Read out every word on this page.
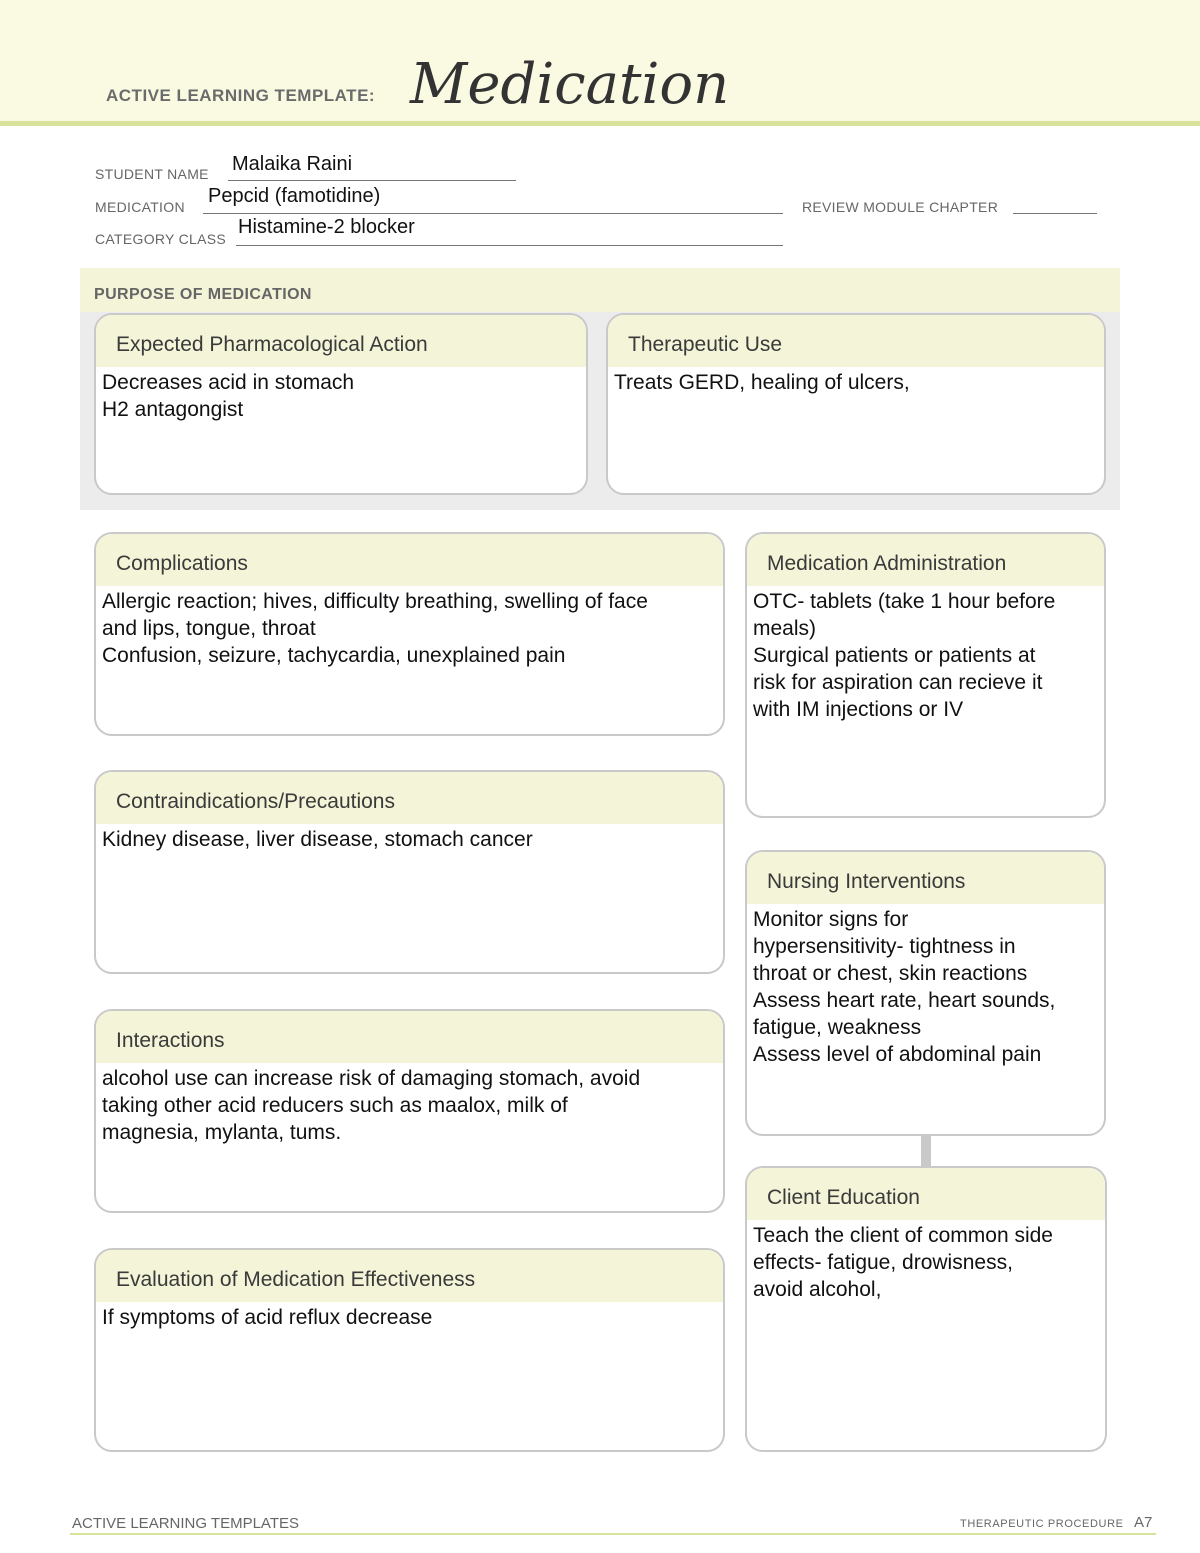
ACTIVE LEARNING TEMPLATE: Medication
STUDENT NAME Malaika Raini
MEDICATION Pepcid (famotidine)	REVIEW MODULE CHAPTER
CATEGORY CLASS
Histamine-2 blocker
PURPOSE OF MEDICATION
Expected Pharmacological Action
Decreases acid in stomach
H2 antagongist
Therapeutic Use
Treats GERD, healing of ulcers,
Complications
Allergic reaction; hives, difficulty breathing, swelling of face
and lips, tongue, throat
Confusion, seizure, tachycardia, unexplained pain
Contraindications/Precautions
Kidney disease, liver disease, stomach cancer
Interactions
alcohol use can increase risk of damaging stomach, avoid
taking other acid reducers such as maalox, milk of
magnesia, mylanta, tums.
Evaluation of Medication Effectiveness
If symptoms of acid reflux decrease
Medication Administration
OTC- tablets (take 1 hour before
meals)
Surgical patients or patients at
risk for aspiration can recieve it
with IM injections or IV
Nursing Interventions
Monitor signs for
hypersensitivity- tightness in
throat or chest, skin reactions
Assess heart rate, heart sounds,
fatigue, weakness
Assess level of abdominal pain
Client Education
Teach the client of common side
effects- fatigue, drowisness,
avoid alcohol,
ACTIVE LEARNING TEMPLATES	THERAPEUTIC PROCEDURE A7
